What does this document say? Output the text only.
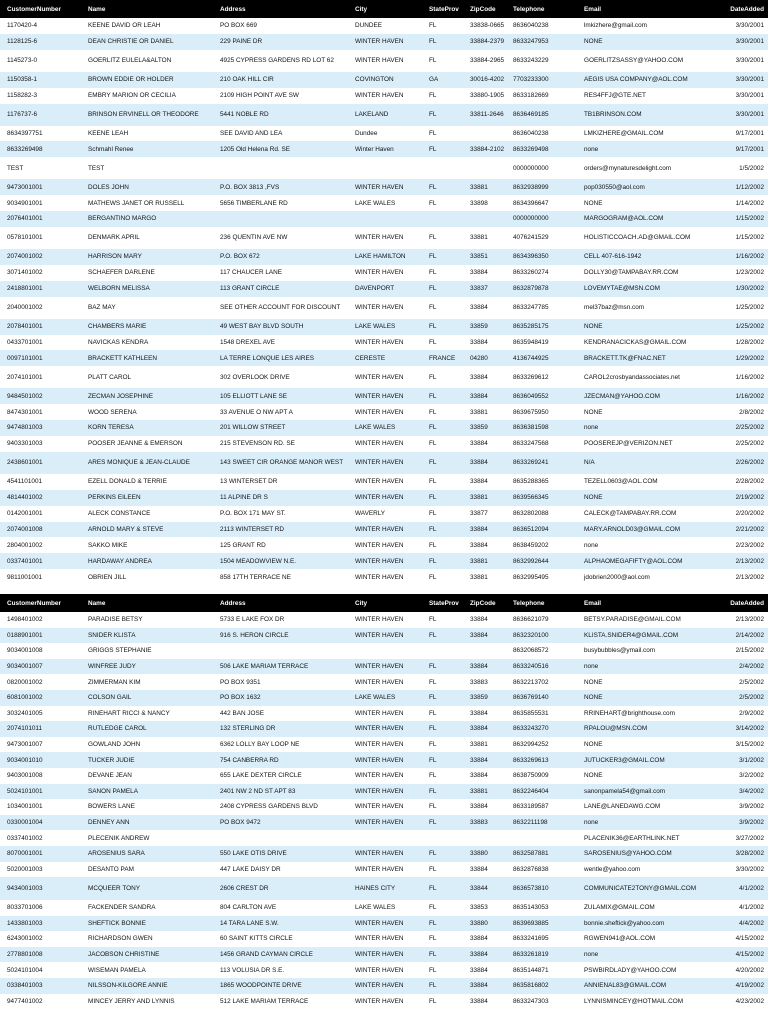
CustomerNumber	Name	Address	City	StateProv	ZipCode	Telephone	Email	DateAdded
1170420-4	KEENE DAVID OR LEAH	PO BOX 669	DUNDEE	FL	33838-0665	8636040238	lmkizhere@gmail.com	3/30/2001
1128125-6	DEAN CHRISTIE OR DANIEL	229 PAINE DR	WINTER HAVEN	FL	33884-2379	8633247953	NONE	3/30/2001
1145273-0	GOERLITZ EULELA&ALTON	4925 CYPRESS GARDENS RD LOT 62	WINTER HAVEN	FL	33884-2965	8633243229	GOERLITZSASSY@YAHOO.COM	3/30/2001
1150358-1	BROWN EDDIE OR HOLDER	210 OAK HILL CIR	COVINGTON	GA	30016-4202	7703233300	AEGIS USA COMPANY@AOL.COM	3/30/2001
1158282-3	EMBRY MARION OR CECILIA	2109 HIGH POINT AVE SW	WINTER HAVEN	FL	33880-1905	8633182669	RES4FFJ@GTE.NET	3/30/2001
1176737-6	BRINSON ERVINELL OR THEODORE	5441 NOBLE RD	LAKELAND	FL	33811-2646	8636469185	TB1BRINSON.COM	3/30/2001
8634397751	KEENE LEAH	SEE DAVID AND LEA	Dundee	FL		8636040238	LMKIZHERE@GMAIL.COM	9/17/2001
8633269498	Schmahl Renee	1205 Old Helena Rd. SE	Winter Haven	FL	33884-2102	8633269498	none	9/17/2001
TEST	TEST					0000000000	orders@mynaturesdelight.com	1/5/2002
9473001001	DOLES JOHN	P.O. BOX 3813 ,FVS	WINTER HAVEN	FL	33881	8632938999	pop030550@aol.com	1/12/2002
9034901001	MATHEWS JANET OR RUSSELL	5656 TIMBERLANE RD	LAKE WALES	FL	33898	8634396647	NONE	1/14/2002
2076401001	BERGANTINO MARGO					0000000000	MARGOGRAM@AOL.COM	1/15/2002
0578101001	DENMARK APRIL	236 QUENTIN AVE NW	WINTER HAVEN	FL	33881	4076241529	HOLISTICCOACH.AD@GMAIL.COM	1/15/2002
2074001002	HARRISON MARY	P.O. BOX 672	LAKE HAMILTON	FL	33851	8634396350	CELL 407-616-1942	1/16/2002
3071401002	SCHAEFER DARLENE	117 CHAUCER LANE	WINTER HAVEN	FL	33884	8633260274	DOLLY30@TAMPABAY.RR.COM	1/23/2002
2418801001	WELBORN MELISSA	113 GRANT CIRCLE	DAVENPORT	FL	33837	8632879878	LOVEMYTAE@MSN.COM	1/30/2002
2040001002	BAZ MAY	SEE OTHER ACCOUNT FOR DISCOUNT	WINTER HAVEN	FL	33884	8633247785	mel37baz@msn.com	1/25/2002
2078401001	CHAMBERS MARIE	49 WEST BAY BLVD SOUTH	LAKE WALES	FL	33859	8635285175	NONE	1/25/2002
0433701001	NAVICKAS KENDRA	1548 DREXEL AVE	WINTER HAVEN	FL	33884	8635948419	KENDRANACICKAS@GMAIL.COM	1/28/2002
0097101001	BRACKETT KATHLEEN	LA TERRE LONQUE LES AIRES	CERESTE	FRANCE	04280	4136744925	BRACKETT.TK@FNAC.NET	1/29/2002
2074101001	PLATT CAROL	302 OVERLOOK DRIVE	WINTER HAVEN	FL	33884	8633269612	CAROL2crosbyandassociates.net	1/16/2002
9484501002	ZECMAN JOSEPHINE	105 ELLIOTT LANE SE	WINTER HAVEN	FL	33884	8636049552	JZECMAN@YAHOO.COM	1/16/2002
8474301001	WOOD SERENA	33 AVENUE O NW APT A	WINTER HAVEN	FL	33881	8639675950	NONE	2/8/2002
9474801003	KORN TERESA	201 WILLOW STREET	LAKE WALES	FL	33859	8636381598	none	2/25/2002
9403301003	POOSER JEANNE & EMERSON	215 STEVENSON RD. SE	WINTER HAVEN	FL	33884	8633247568	POOSEREJP@VERIZON.NET	2/25/2002
2438601001	ARES MONIQUE & JEAN-CLAUDE	143 SWEET CIR ORANGE MANOR WEST	WINTER HAVEN	FL	33884	8633269241	N/A	2/26/2002
4541101001	EZELL DONALD & TERRIE	13 WINTERSET DR	WINTER HAVEN	FL	33884	8635288365	TEZELL0603@AOL.COM	2/28/2002
4814401002	PERKINS EILEEN	11 ALPINE DR S	WINTER HAVEN	FL	33881	8639566345	NONE	2/19/2002
0142001001	ALECK CONSTANCE	P.O. BOX 171 MAY ST.	WAVERLY	FL	33877	8632802088	CALECK@TAMPABAY.RR.COM	2/20/2002
2074001008	ARNOLD MARY & STEVE	2113 WINTERSET RD	WINTER HAVEN	FL	33884	8636512094	MARY.ARNOLD03@GMAIL.COM	2/21/2002
2804001002	SAKKO MIKE	125 GRANT RD	WINTER HAVEN	FL	33884	8638459202	none	2/23/2002
0337401001	HARDAWAY ANDREA	1504 MEADOWVIEW N.E.	WINTER HAVEN	FL	33881	8632992644	ALPHAOMEGAFIFTY@AOL.COM	2/13/2002
9811001001	OBRIEN JILL	858 17TH TERRACE NE	WINTER HAVEN	FL	33881	8632995495	jdobrien2000@aol.com	2/13/2002
CustomerNumber	Name	Address	City	StateProv	ZipCode	Telephone	Email	DateAdded
1498401002	PARADISE BETSY	5733 E LAKE FOX DR	WINTER HAVEN	FL	33884	8636621079	BETSY.PARADISE@GMAIL.COM	2/13/2002
0188901001	SNIDER KLISTA	916 S. HERON CIRCLE	WINTER HAVEN	FL	33884	8632320100	KLISTA.SNIDER4@GMAIL.COM	2/14/2002
9034001008	GRIGGS STEPHANIE					8632068572	busybubbles@ymail.com	2/15/2002
9034001007	WINFREE JUDY	506 LAKE MARIAM TERRACE	WINTER HAVEN	FL	33884	8633240516	none	2/4/2002
0820001002	ZIMMERMAN KIM	PO BOX 9351	WINTER HAVEN	FL	33883	8632213702	NONE	2/5/2002
6081001002	COLSON GAIL	PO BOX 1632	LAKE WALES	FL	33859	8636769140	NONE	2/5/2002
3032401005	RINEHART RICCI & NANCY	442 BAN JOSE	WINTER HAVEN	FL	33884	8635855531	RRINEHART@brighthouse.com	2/9/2002
2074101011	RUTLEDGE CAROL	132 STERLING DR	WINTER HAVEN	FL	33884	8633243270	RPALOU@MSN.COM	3/14/2002
9473001007	GOWLAND JOHN	6362 LOLLY BAY LOOP NE	WINTER HAVEN	FL	33881	8632994252	NONE	3/15/2002
9034001010	TUCKER JUDIE	754 CANBERRA RD	WINTER HAVEN	FL	33884	8633269613	JUTUCKER3@GMAIL.COM	3/1/2002
9403001008	DEVANE JEAN	655 LAKE DEXTER CIRCLE	WINTER HAVEN	FL	33884	8638750909	NONE	3/2/2002
5024101001	SANON PAMELA	2401 NW 2 ND ST APT 83	WINTER HAVEN	FL	33881	8632246404	sanonpamela54@gmail.com	3/4/2002
1034001001	BOWERS LANE	2408 CYPRESS GARDENS BLVD	WINTER HAVEN	FL	33884	8633189587	LANE@LANEDAWG.COM	3/9/2002
0330001004	DENNEY ANN	PO BOX 9472	WINTER HAVEN	FL	33883	8632211198	none	3/9/2002
0337401002	PLECENIK ANDREW						PLACENIK36@EARTHLINK.NET	3/27/2002
8070001001	AROSENIUS SARA	550 LAKE OTIS DRIVE	WINTER HAVEN	FL	33880	8632587881	SAROSENIUS@YAHOO.COM	3/28/2002
5020001003	DESANTO PAM	447 LAKE DAISY DR	WINTER HAVEN	FL	33884	8632876838	wentle@yahoo.com	3/30/2002
9434001003	MCQUEER TONY	2606 CREST DR	HAINES CITY	FL	33844	8636573810	COMMUNICATE2TONY@GMAIL.COM	4/1/2002
8033701006	FACKENDER SANDRA	804 CARLTON AVE	LAKE WALES	FL	33853	8635143053	ZULAMIX@GMAIL.COM	4/1/2002
1433801003	SHEFTICK BONNIE	14 TARA LANE S.W.	WINTER HAVEN	FL	33880	8639693885	bonnie.sheftick@yahoo.com	4/4/2002
6243001002	RICHARDSON GWEN	60 SAINT KITTS CIRCLE	WINTER HAVEN	FL	33884	8633241695	RGWEN941@AOL.COM	4/15/2002
2778801008	JACOBSON CHRISTINE	1456 GRAND CAYMAN CIRCLE	WINTER HAVEN	FL	33884	8633261819	none	4/15/2002
5024101004	WISEMAN PAMELA	113 VOLUSIA DR S.E.	WINTER HAVEN	FL	33884	8635144871	PSWBIRDLADY@YAHOO.COM	4/20/2002
0338401003	NILSSON-KILGORE ANNIE	1865 WOODPOINTE DRIVE	WINTER HAVEN	FL	33884	8635816802	ANNIENAL83@GMAIL.COM	4/19/2002
9477401002	MINCEY JERRY AND LYNNIS	512 LAKE MARIAM TERRACE	WINTER HAVEN	FL	33884	8633247303	LYNNISMINCEY@HOTMAIL.COM	4/23/2002
